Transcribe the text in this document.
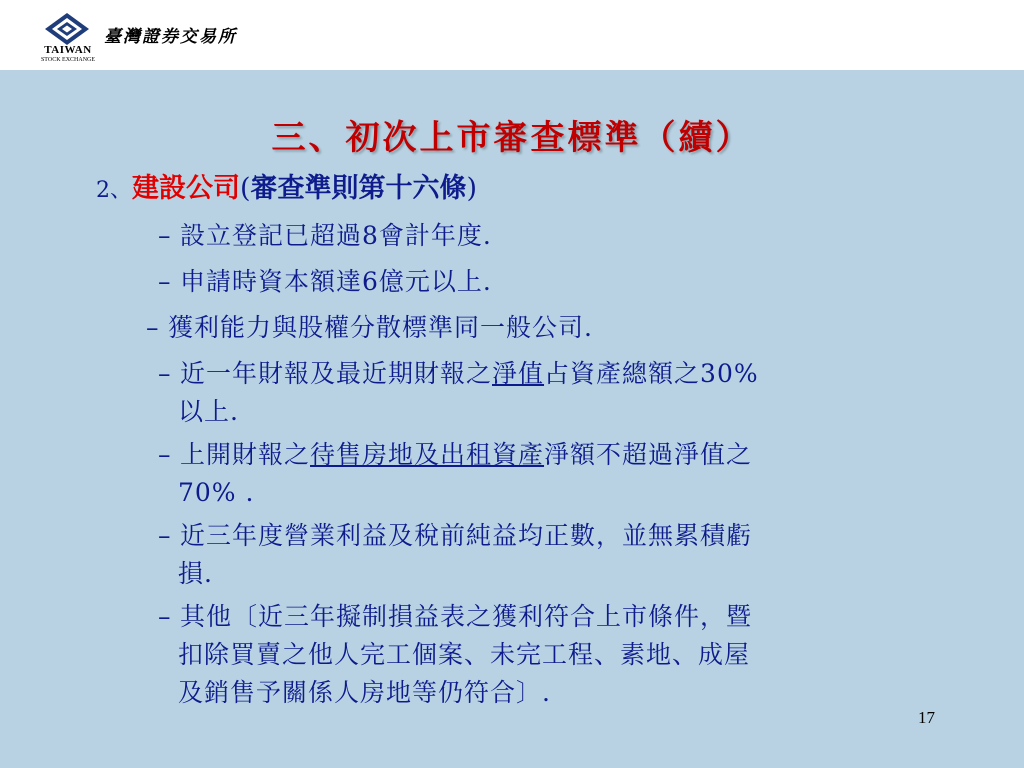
TAIWAN
STOCK EXCHANGE
臺灣證券交易所
三、初次上市審查標準（續）
2、建設公司(審查準則第十六條)
– 設立登記已超過8會計年度.
– 申請時資本額達6億元以上.
– 獲利能力與股權分散標準同一般公司.
– 近一年財報及最近期財報之淨值占資產總額之30%
以上.
– 上開財報之待售房地及出租資產淨額不超過淨值之
70% .
– 近三年度營業利益及稅前純益均正數，並無累積虧
損.
– 其他〔近三年擬制損益表之獲利符合上市條件，暨
扣除買賣之他人完工個案、未完工程、素地、成屋
及銷售予關係人房地等仍符合〕.
17
